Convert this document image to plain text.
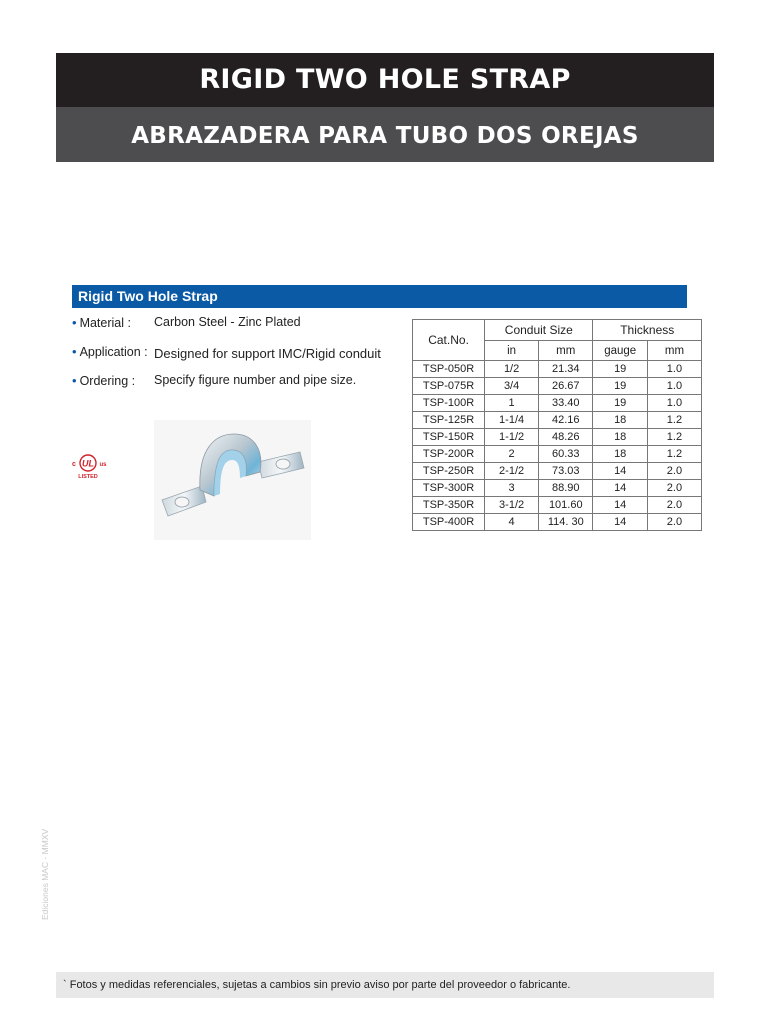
RIGID TWO HOLE STRAP
ABRAZADERA PARA TUBO DOS OREJAS
Rigid Two Hole Strap
• Material : Carbon Steel - Zinc Plated
• Application : Designed for support IMC/Rigid conduit
• Ordering : Specify figure number and pipe size.
UL
c	us
LISTED
Cat.No.	Conduit Size		Thickness	
	in	mm	gauge	mm
TSP-050R	1/2	21.34	19	1.0
TSP-075R	3/4	26.67	19	1.0
TSP-100R	1	33.40	19	1.0
TSP-125R	1-1/4	42.16	18	1.2
TSP-150R	1-1/2	48.26	18	1.2
TSP-200R	2	60.33	18	1.2
TSP-250R	2-1/2	73.03	14	2.0
TSP-300R	3	88.90	14	2.0
TSP-350R	3-1/2	101.60	14	2.0
TSP-400R	4	114. 30	14	2.0
Ediciones MAC - MMXV
` Fotos y medidas referenciales, sujetas a cambios sin previo aviso por parte del proveedor o fabricante.
